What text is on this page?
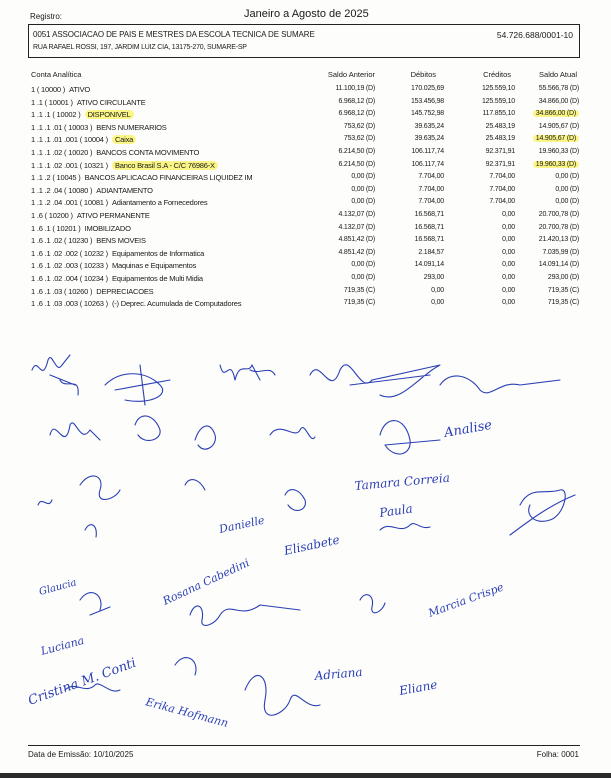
Registro:	Janeiro a Agosto de 2025
0051 ASSOCIACAO DE PAIS E MESTRES DA ESCOLA TECNICA DE SUMARE	54.726.688/0001-10
RUA RAFAEL ROSSI, 197, JARDIM LUIZ CIA, 13175-270, SUMARE-SP
Conta Analítica	Saldo Anterior	Débitos	Créditos	Saldo Atual
1 ( 10000 ) ATIVO	11.100,19 (D)	170.025,69	125.559,10	55.566,78 (D)
1 .1 ( 10001 ) ATIVO CIRCULANTE	6.968,12 (D)	153.456,98	125.559,10	34.866,00 (D)
1 .1 .1 ( 10002 ) DISPONIVEL	6.968,12 (D)	145.752,98	117.855,10	34.866,00 (D)
1 .1 .1 .01 ( 10003 ) BENS NUMERARIOS	753,62 (D)	39.635,24	25.483,19	14.905,67 (D)
1 .1 .1 .01 .001 ( 10004 ) Caixa	753,62 (D)	39.635,24	25.483,19	14.905,67 (D)
1 .1 .1 .02 ( 10020 ) BANCOS CONTA MOVIMENTO	6.214,50 (D)	106.117,74	92.371,91	19.960,33 (D)
1 .1 .1 .02 .001 ( 10321 ) Banco Brasil S.A - C/C 76986-X	6.214,50 (D)	106.117,74	92.371,91	19.960,33 (D)
1 .1 .2 ( 10045 ) BANCOS APLICACAO FINANCEIRAS LIQUIDEZ IM	0,00 (D)	7.704,00	7.704,00	0,00 (D)
1 .1 .2 .04 ( 10080 ) ADIANTAMENTO	0,00 (D)	7.704,00	7.704,00	0,00 (D)
1 .1 .2 .04 .001 ( 10081 ) Adiantamento a Fornecedores	0,00 (D)	7.704,00	7.704,00	0,00 (D)
1 .6 ( 10200 ) ATIVO PERMANENTE	4.132,07 (D)	16.568,71	0,00	20.700,78 (D)
1 .6 .1 ( 10201 ) IMOBILIZADO	4.132,07 (D)	16.568,71	0,00	20.700,78 (D)
1 .6 .1 .02 ( 10230 ) BENS MOVEIS	4.851,42 (D)	16.568,71	0,00	21.420,13 (D)
1 .6 .1 .02 .002 ( 10232 ) Equipamentos de Informatica	4.851,42 (D)	2.184,57	0,00	7.035,99 (D)
1 .6 .1 .02 .003 ( 10233 ) Maquinas e Equipamentos	0,00 (D)	14.091,14	0,00	14.091,14 (D)
1 .6 .1 .02 .004 ( 10234 ) Equipamentos de Multi Midia	0,00 (D)	293,00	0,00	293,00 (D)
1 .6 .1 .03 ( 10260 ) DEPRECIACOES	719,35 (C)	0,00	0,00	719,35 (C)
1 .6 .1 .03 .003 ( 10263 ) (-) Deprec. Acumulada de Computadores	719,35 (C)	0,00	0,00	719,35 (C)
Analise
Tamara Correia
Paula
Danielle
Elisabete
Rosana Cabedini	Marcia Crispe
Glaucia
Luciana
Cristina M. Conti	Adriana
Eliane
Erika Hofmann
Data de Emissão: 10/10/2025	Folha: 0001
